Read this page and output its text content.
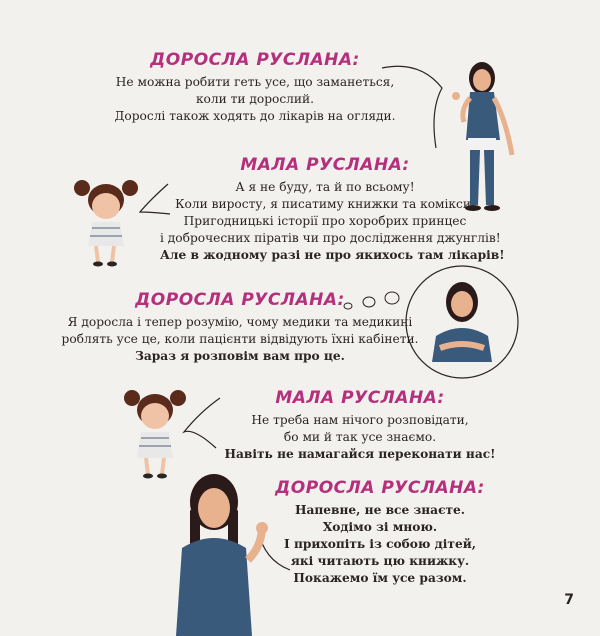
ДОРОСЛА РУСЛАНА:
Не можна робити геть усе, що заманеться,
коли ти дорослий.
Дорослі також ходять до лікарів на огляди.
МАЛА РУСЛАНА:
А я не буду, та й по всьому!
Коли виросту, я писатиму книжки та комікси.
Пригодницькі історії про хоробрих принцес
і доброчесних піратів чи про дослідження джунглів!
Але в жодному разі не про якихось там лікарів!
ДОРОСЛА РУСЛАНА:
Я доросла і тепер розумію, чому медики та медикині
роблять усе це, коли пацієнти відвідують їхні кабінети.
Зараз я розповім вам про це.
МАЛА РУСЛАНА:
Не треба нам нічого розповідати,
бо ми й так усе знаємо.
Навіть не намагайся переконати нас!
ДОРОСЛА РУСЛАНА:
Напевне, не все знаєте.
Ходімо зі мною.
І прихопіть із собою дітей,
які читають цю книжку.
Покажемо їм усе разом.
7
